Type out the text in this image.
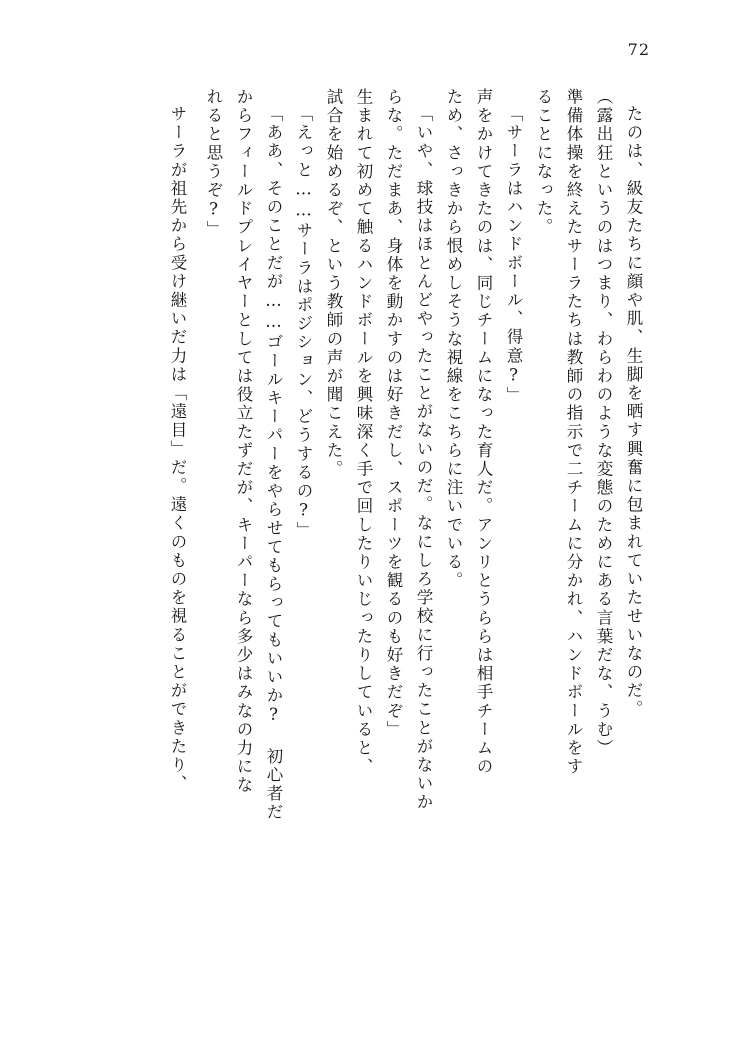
72
たのは、級友たちに顔や肌、生脚を晒す興奮に包まれていたせいなのだ。
（露出狂というのはつまり、わらわのような変態のためにある言葉だな、うむ）
準備体操を終えたサーラたちは教師の指示で二チームに分かれ、ハンドボールをす
ることになった。
「サーラはハンドボール、得意?」
声をかけてきたのは、同じチームになった育人だ。アンリとうららは相手チームの
ため、さっきから恨めしそうな視線をこちらに注いでいる。
「いや、球技はほとんどやったことがないのだ。なにしろ学校に行ったことがないか
らな。ただまあ、身体を動かすのは好きだし、スポーツを観るのも好きだぞ」
生まれて初めて触るハンドボールを興味深く手で回したりいじったりしていると、
試合を始めるぞ、という教師の声が聞こえた。
「えっと……サーラはポジション、どうするの?」
「ああ、そのことだが……ゴールキーパーをやらせてもらってもいいか? 初心者だ
からフィールドプレイヤーとしては役立たずだが、キーパーなら多少はみなの力にな
れると思うぞ?」
サーラが祖先から受け継いだ力は「遠目」だ。遠くのものを視ることができたり、
